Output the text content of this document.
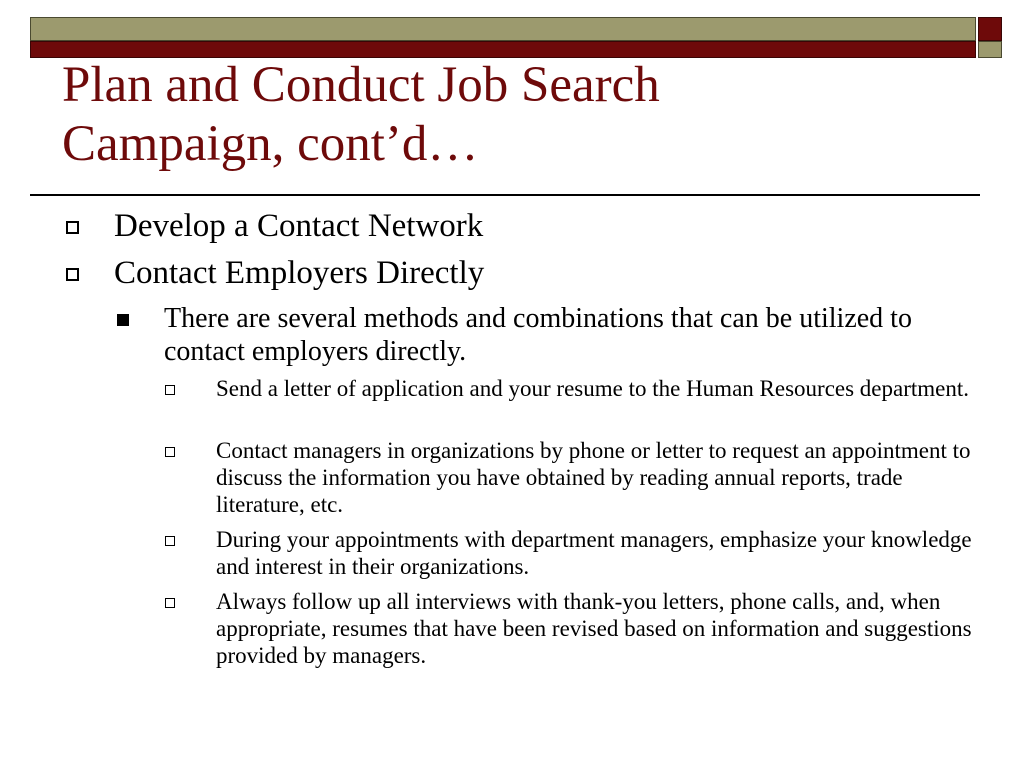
Plan and Conduct Job Search
Campaign, cont’d…
Develop a Contact Network
Contact Employers Directly
There are several methods and combinations that can be utilized to contact employers directly.
Send a letter of application and your resume to the Human Resources department.
Contact managers in organizations by phone or letter to request an appointment to discuss the information you have obtained by reading annual reports, trade literature, etc.
During your appointments with department managers, emphasize your knowledge and interest in their organizations.
Always follow up all interviews with thank-you letters, phone calls, and, when appropriate, resumes that have been revised based on information and suggestions provided by managers.
